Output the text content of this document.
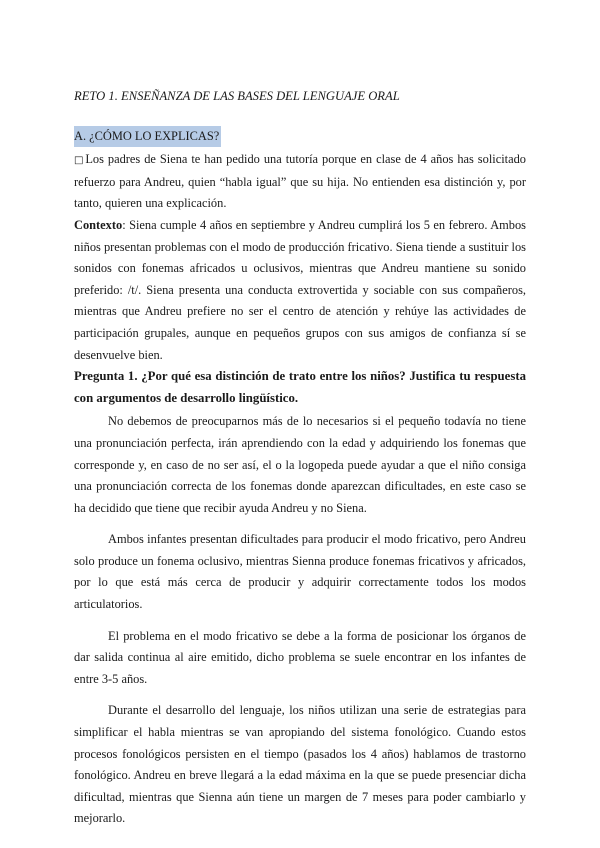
RETO 1. ENSEÑANZA DE LAS BASES DEL LENGUAJE ORAL

A. ¿CÓMO LO EXPLICAS?

□Los padres de Siena te han pedido una tutoría porque en clase de 4 años has solicitado refuerzo para Andreu, quien “habla igual” que su hija. No entienden esa distinción y, por tanto, quieren una explicación.

Contexto: Siena cumple 4 años en septiembre y Andreu cumplirá los 5 en febrero. Ambos niños presentan problemas con el modo de producción fricativo. Siena tiende a sustituir los sonidos con fonemas africados u oclusivos, mientras que Andreu mantiene su sonido preferido: /t/. Siena presenta una conducta extrovertida y sociable con sus compañeros, mientras que Andreu prefiere no ser el centro de atención y rehúye las actividades de participación grupales, aunque en pequeños grupos con sus amigos de confianza sí se desenvuelve bien.

Pregunta 1. ¿Por qué esa distinción de trato entre los niños? Justifica tu respuesta con argumentos de desarrollo lingüístico.

No debemos de preocuparnos más de lo necesarios si el pequeño todavía no tiene una pronunciación perfecta, irán aprendiendo con la edad y adquiriendo los fonemas que corresponde y, en caso de no ser así, el o la logopeda puede ayudar a que el niño consiga una pronunciación correcta de los fonemas donde aparezcan dificultades, en este caso se ha decidido que tiene que recibir ayuda Andreu y no Siena.

Ambos infantes presentan dificultades para producir el modo fricativo, pero Andreu solo produce un fonema oclusivo, mientras Sienna produce fonemas fricativos y africados, por lo que está más cerca de producir y adquirir correctamente todos los modos articulatorios.

El problema en el modo fricativo se debe a la forma de posicionar los órganos de dar salida continua al aire emitido, dicho problema se suele encontrar en los infantes de entre 3-5 años.

Durante el desarrollo del lenguaje, los niños utilizan una serie de estrategias para simplificar el habla mientras se van apropiando del sistema fonológico. Cuando estos procesos fonológicos persisten en el tiempo (pasados los 4 años) hablamos de trastorno fonológico. Andreu en breve llegará a la edad máxima en la que se puede presenciar dicha dificultad, mientras que Sienna aún tiene un margen de 7 meses para poder cambiarlo y mejorarlo.
